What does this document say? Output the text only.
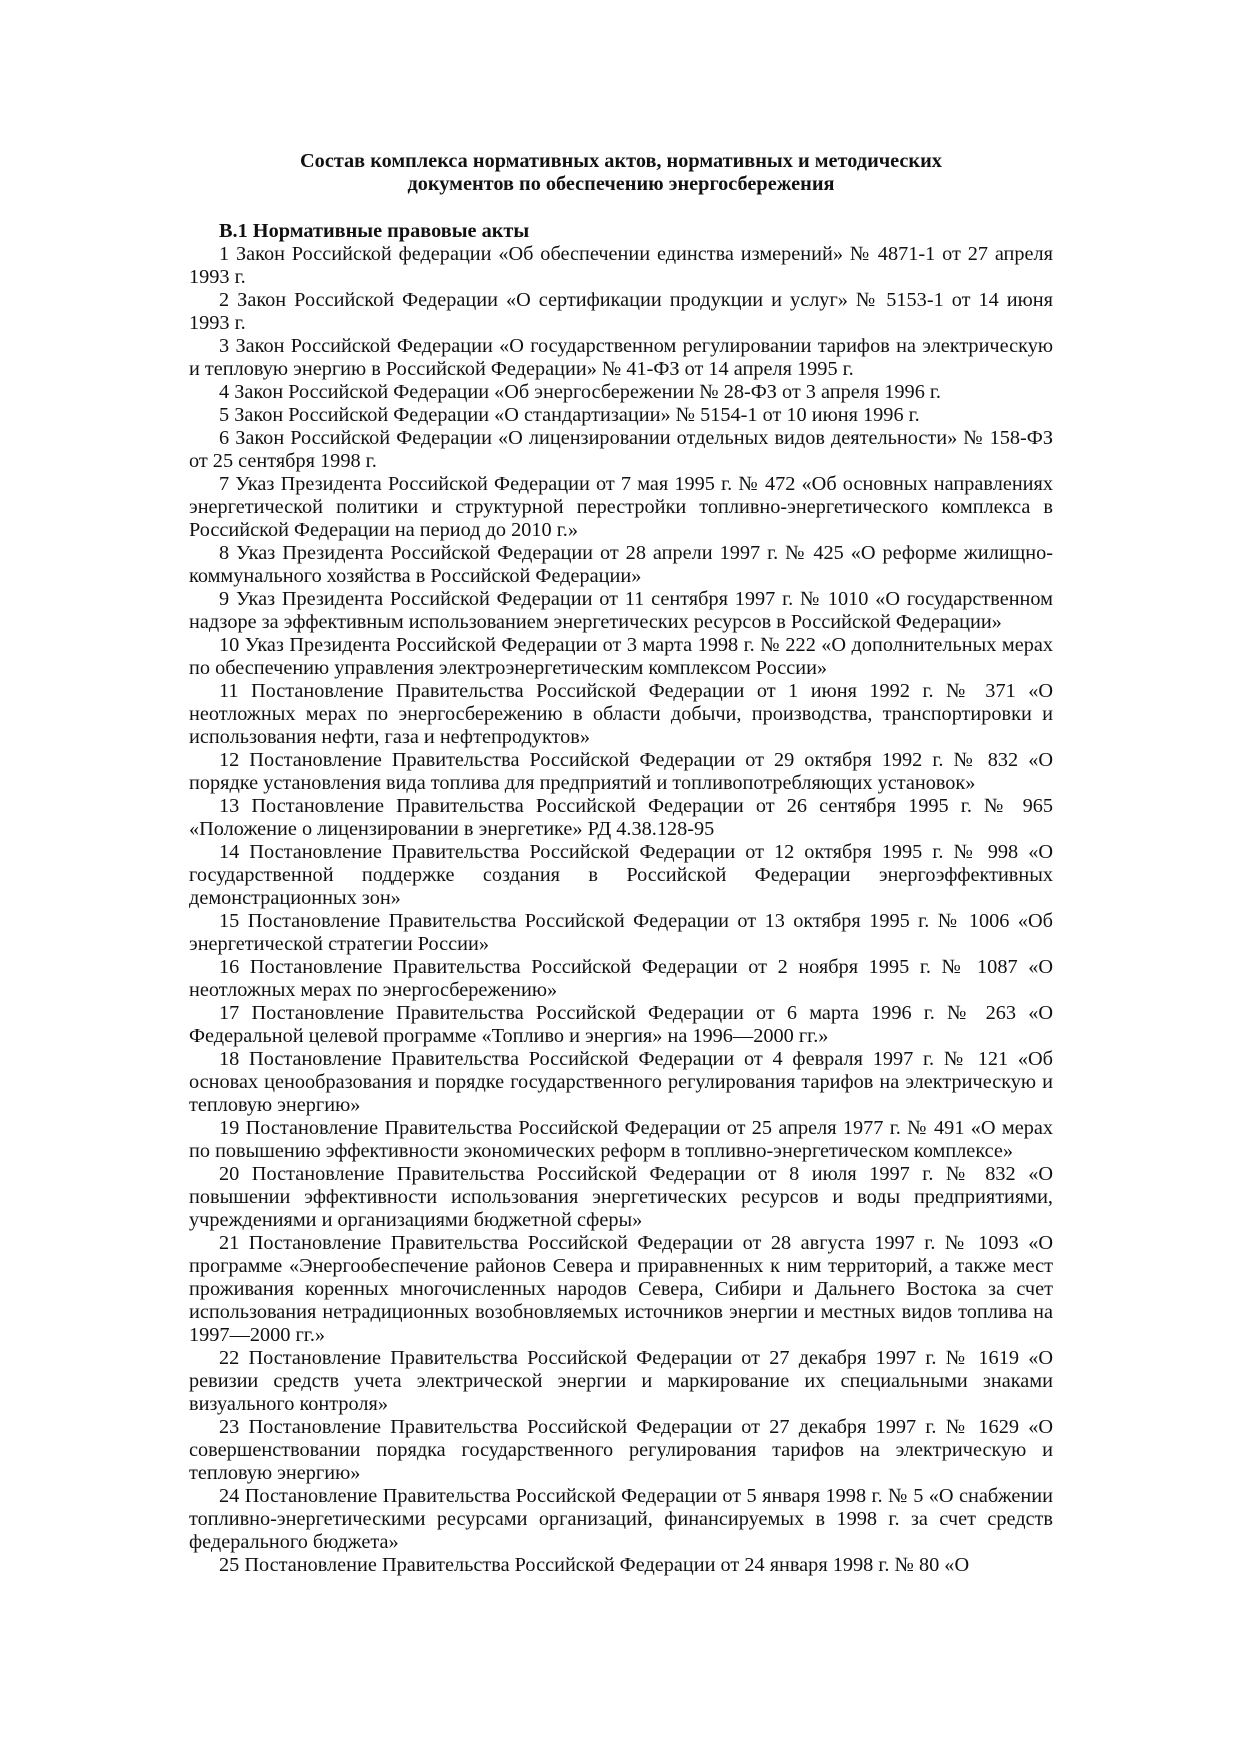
Состав комплекса нормативных актов, нормативных и методических
документов по обеспечению энергосбережения

В.1 Нормативные правовые акты

1 Закон Российской федерации «Об обеспечении единства измерений» № 4871-1 от 27 апреля 1993 г.

2 Закон Российской Федерации «О сертификации продукции и услуг» № 5153-1 от 14 июня 1993 г.

3 Закон Российской Федерации «О государственном регулировании тарифов на электрическую и тепловую энергию в Российской Федерации» № 41-ФЗ от 14 апреля 1995 г.

4 Закон Российской Федерации «Об энергосбережении № 28-ФЗ от 3 апреля 1996 г.

5 Закон Российской Федерации «О стандартизации» № 5154-1 от 10 июня 1996 г.

6 Закон Российской Федерации «О лицензировании отдельных видов деятельности» № 158-ФЗ от 25 сентября 1998 г.

7 Указ Президента Российской Федерации от 7 мая 1995 г. № 472 «Об основных направлениях энергетической политики и структурной перестройки топливно-энергетического комплекса в Российской Федерации на период до 2010 г.»

8 Указ Президента Российской Федерации от 28 апрели 1997 г. № 425 «О реформе жилищно-коммунального хозяйства в Российской Федерации»

9 Указ Президента Российской Федерации от 11 сентября 1997 г. № 1010 «О государственном надзоре за эффективным использованием энергетических ресурсов в Российской Федерации»

10 Указ Президента Российской Федерации от 3 марта 1998 г. № 222 «О дополнительных мерах по обеспечению управления электроэнергетическим комплексом России»

11 Постановление Правительства Российской Федерации от 1 июня 1992 г. № 371 «О неотложных мерах по энергосбережению в области добычи, производства, транспортировки и использования нефти, газа и нефтепродуктов»

12 Постановление Правительства Российской Федерации от 29 октября 1992 г. № 832 «О порядке установления вида топлива для предприятий и топливопотребляющих установок»

13 Постановление Правительства Российской Федерации от 26 сентября 1995 г. № 965 «Положение о лицензировании в энергетике» РД 4.38.128-95

14 Постановление Правительства Российской Федерации от 12 октября 1995 г. № 998 «О государственной поддержке создания в Российской Федерации энергоэффективных демонстрационных зон»

15 Постановление Правительства Российской Федерации от 13 октября 1995 г. № 1006 «Об энергетической стратегии России»

16 Постановление Правительства Российской Федерации от 2 ноября 1995 г. № 1087 «О неотложных мерах по энергосбережению»

17 Постановление Правительства Российской Федерации от 6 марта 1996 г. № 263 «О Федеральной целевой программе «Топливо и энергия» на 1996—2000 гг.»

18 Постановление Правительства Российской Федерации от 4 февраля 1997 г. № 121 «Об основах ценообразования и порядке государственного регулирования тарифов на электрическую и тепловую энергию»

19 Постановление Правительства Российской Федерации от 25 апреля 1977 г. № 491 «О мерах по повышению эффективности экономических реформ в топливно-энергетическом комплексе»

20 Постановление Правительства Российской Федерации от 8 июля 1997 г. № 832 «О повышении эффективности использования энергетических ресурсов и воды предприятиями, учреждениями и организациями бюджетной сферы»

21 Постановление Правительства Российской Федерации от 28 августа 1997 г. № 1093 «О программе «Энергообеспечение районов Севера и приравненных к ним территорий, а также мест проживания коренных многочисленных народов Севера, Сибири и Дальнего Востока за счет использования нетрадиционных возобновляемых источников энергии и местных видов топлива на 1997—2000 гг.»

22 Постановление Правительства Российской Федерации от 27 декабря 1997 г. № 1619 «О ревизии средств учета электрической энергии и маркирование их специальными знаками визуального контроля»

23 Постановление Правительства Российской Федерации от 27 декабря 1997 г. № 1629 «О совершенствовании порядка государственного регулирования тарифов на электрическую и тепловую энергию»

24 Постановление Правительства Российской Федерации от 5 января 1998 г. № 5 «О снабжении топливно-энергетическими ресурсами организаций, финансируемых в 1998 г. за счет средств федерального бюджета»

25 Постановление Правительства Российской Федерации от 24 января 1998 г. № 80 «О
